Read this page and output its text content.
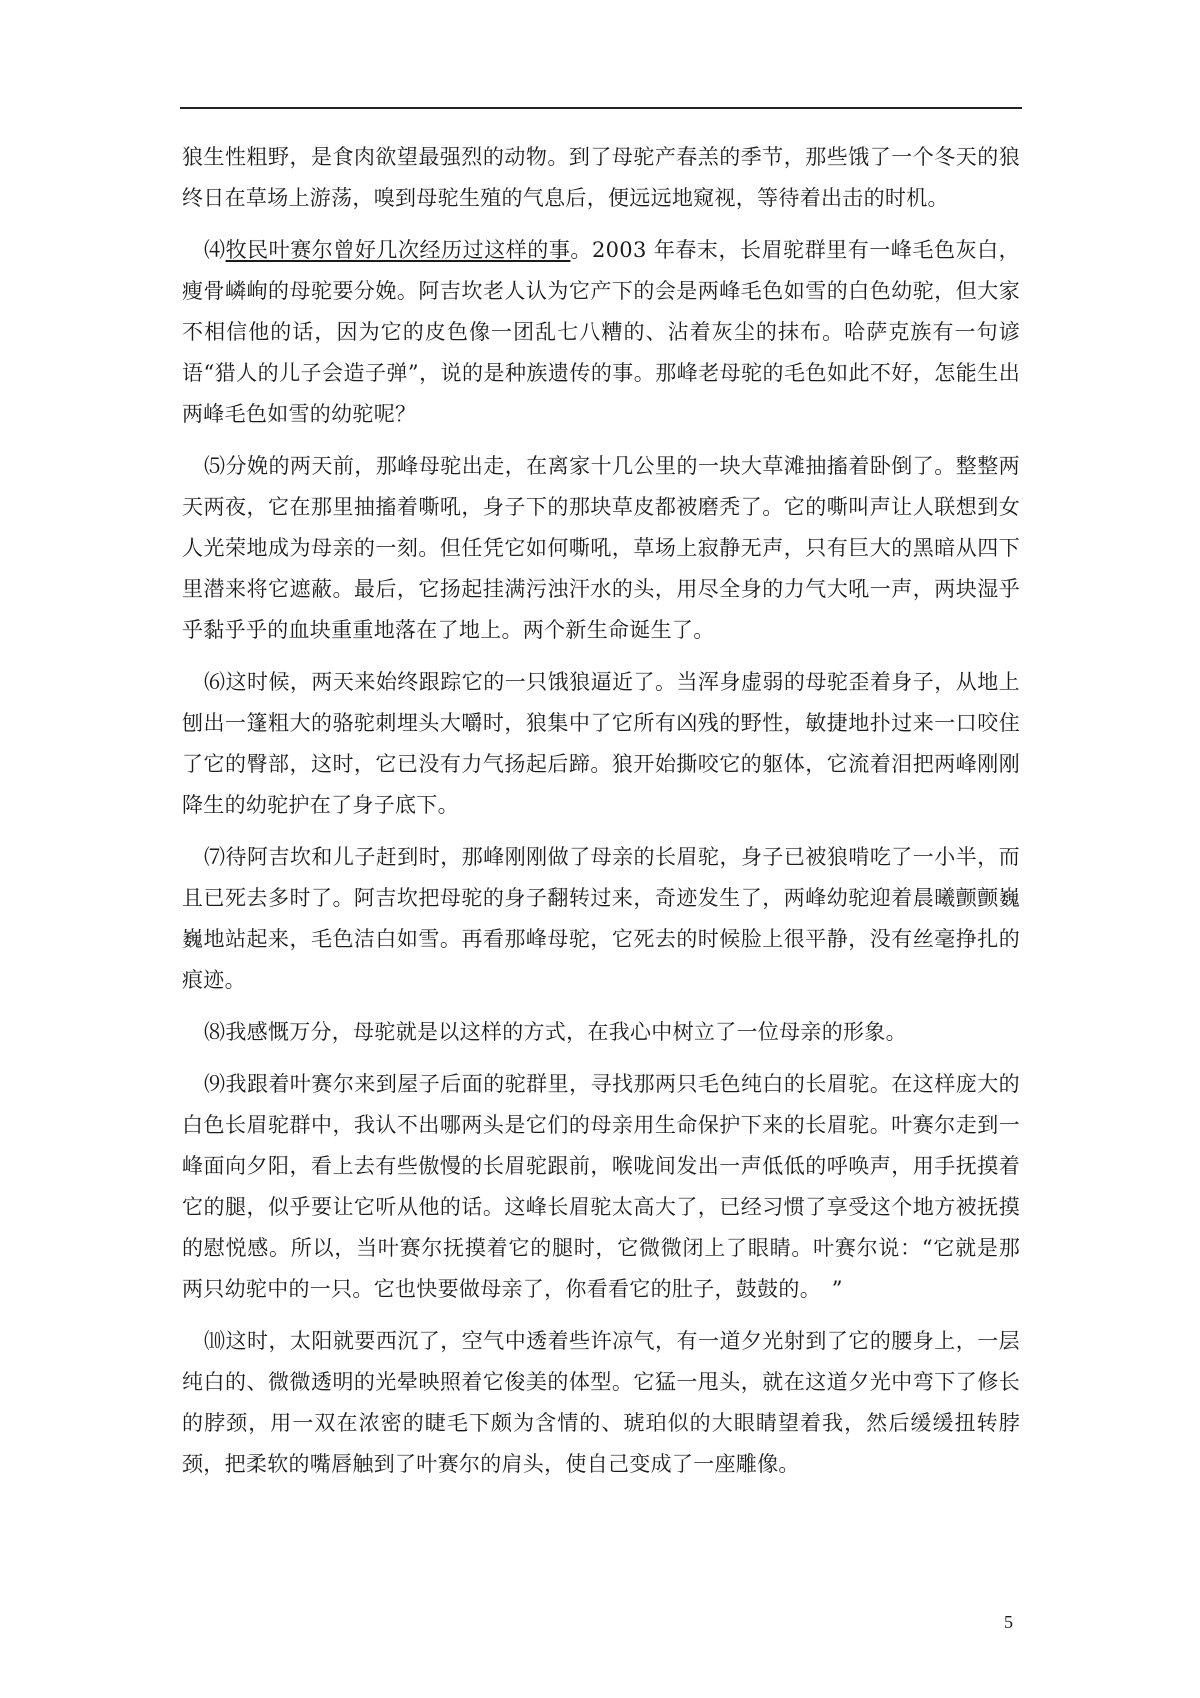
狼生性粗野，是食肉欲望最强烈的动物。到了母驼产春羔的季节，那些饿了一个冬天的狼终日在草场上游荡，嗅到母驼生殖的气息后，便远远地窥视，等待着出击的时机。

⑷牧民叶赛尔曾好几次经历过这样的事。2003 年春末，长眉驼群里有一峰毛色灰白，瘦骨嶙峋的母驼要分娩。阿吉坎老人认为它产下的会是两峰毛色如雪的白色幼驼，但大家不相信他的话，因为它的皮色像一团乱七八糟的、沾着灰尘的抹布。哈萨克族有一句谚语“猎人的儿子会造子弹”，说的是种族遗传的事。那峰老母驼的毛色如此不好，怎能生出两峰毛色如雪的幼驼呢？

⑸分娩的两天前，那峰母驼出走，在离家十几公里的一块大草滩抽搐着卧倒了。整整两天两夜，它在那里抽搐着嘶吼，身子下的那块草皮都被磨秃了。它的嘶叫声让人联想到女人光荣地成为母亲的一刻。但任凭它如何嘶吼，草场上寂静无声，只有巨大的黑暗从四下里潜来将它遮蔽。最后，它扬起挂满污浊汗水的头，用尽全身的力气大吼一声，两块湿乎乎黏乎乎的血块重重地落在了地上。两个新生命诞生了。

⑹这时候，两天来始终跟踪它的一只饿狼逼近了。当浑身虚弱的母驼歪着身子，从地上刨出一篷粗大的骆驼刺埋头大嚼时，狼集中了它所有凶残的野性，敏捷地扑过来一口咬住了它的臀部，这时，它已没有力气扬起后蹄。狼开始撕咬它的躯体，它流着泪把两峰刚刚降生的幼驼护在了身子底下。

⑺待阿吉坎和儿子赶到时，那峰刚刚做了母亲的长眉驼，身子已被狼啃吃了一小半，而且已死去多时了。阿吉坎把母驼的身子翻转过来，奇迹发生了，两峰幼驼迎着晨曦颤颤巍巍地站起来，毛色洁白如雪。再看那峰母驼，它死去的时候脸上很平静，没有丝毫挣扎的痕迹。

⑻我感慨万分，母驼就是以这样的方式，在我心中树立了一位母亲的形象。

⑼我跟着叶赛尔来到屋子后面的驼群里，寻找那两只毛色纯白的长眉驼。在这样庞大的白色长眉驼群中，我认不出哪两头是它们的母亲用生命保护下来的长眉驼。叶赛尔走到一峰面向夕阳，看上去有些傲慢的长眉驼跟前，喉咙间发出一声低低的呼唤声，用手抚摸着它的腿，似乎要让它听从他的话。这峰长眉驼太高大了，已经习惯了享受这个地方被抚摸的慰悦感。所以，当叶赛尔抚摸着它的腿时，它微微闭上了眼睛。叶赛尔说：“它就是那两只幼驼中的一只。它也快要做母亲了，你看看它的肚子，鼓鼓的。　”

⑽这时，太阳就要西沉了，空气中透着些许凉气，有一道夕光射到了它的腰身上，一层纯白的、微微透明的光晕映照着它俊美的体型。它猛一甩头，就在这道夕光中弯下了修长的脖颈，用一双在浓密的睫毛下颇为含情的、琥珀似的大眼睛望着我，然后缓缓扭转脖颈，把柔软的嘴唇触到了叶赛尔的肩头，使自己变成了一座雕像。

5
